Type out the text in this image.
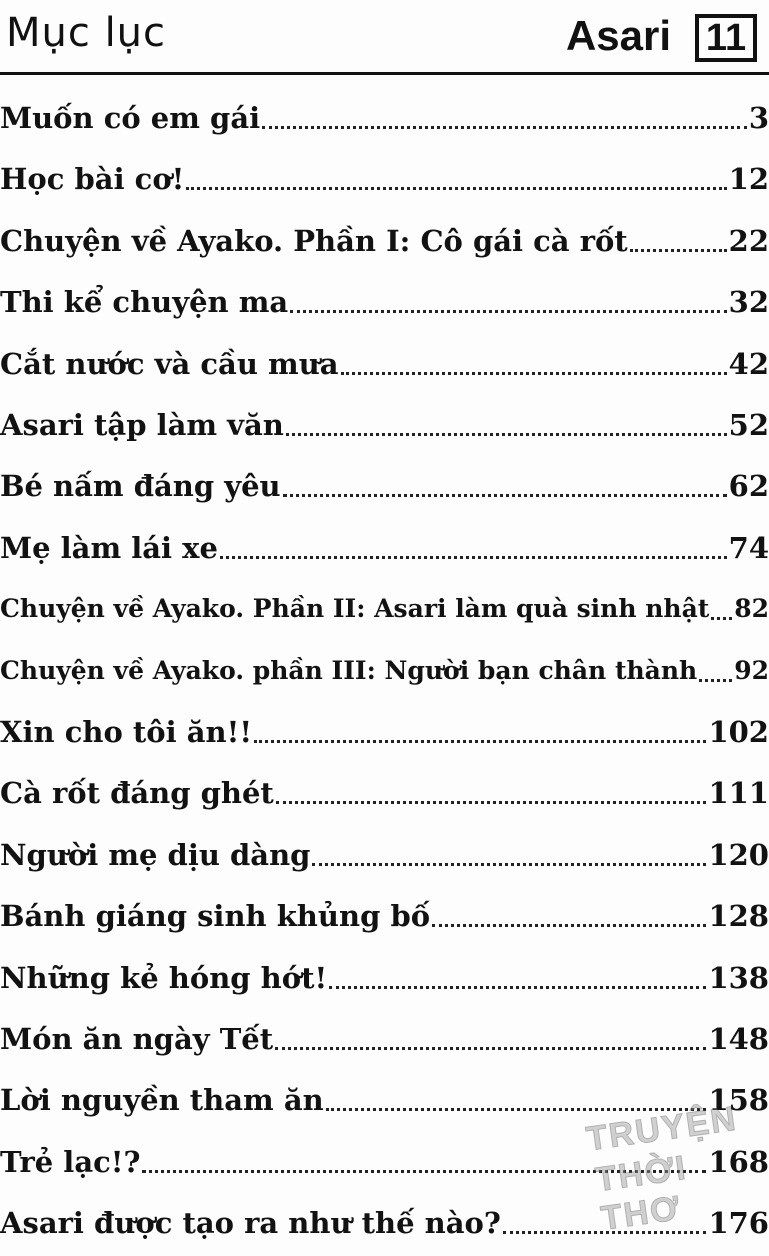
Mục lục	Asari 11
Muốn có em gái	3
Học bài cơ!	12
Chuyện về Ayako. Phần I: Cô gái cà rốt	22
Thi kể chuyện ma	32
Cắt nước và cầu mưa	42
Asari tập làm văn	52
Bé nấm đáng yêu	62
Mẹ làm lái xe	74
Chuyện về Ayako. Phần II: Asari làm quà sinh nhật 82
Chuyện về Ayako. phần III: Người bạn chân thành 92
Xin cho tôi ăn!!	102
Cà rốt đáng ghét	111
Người mẹ dịu dàng	120
Bánh giáng sinh khủng bố	128
Những kẻ hóng hớt!	138
Món ăn ngày Tết	148
Lời nguyền tham ăn	158
Trẻ lạc!?	168
Asari được tạo ra như thế nào?	176
TRUYỆN
THỜI THƠ
